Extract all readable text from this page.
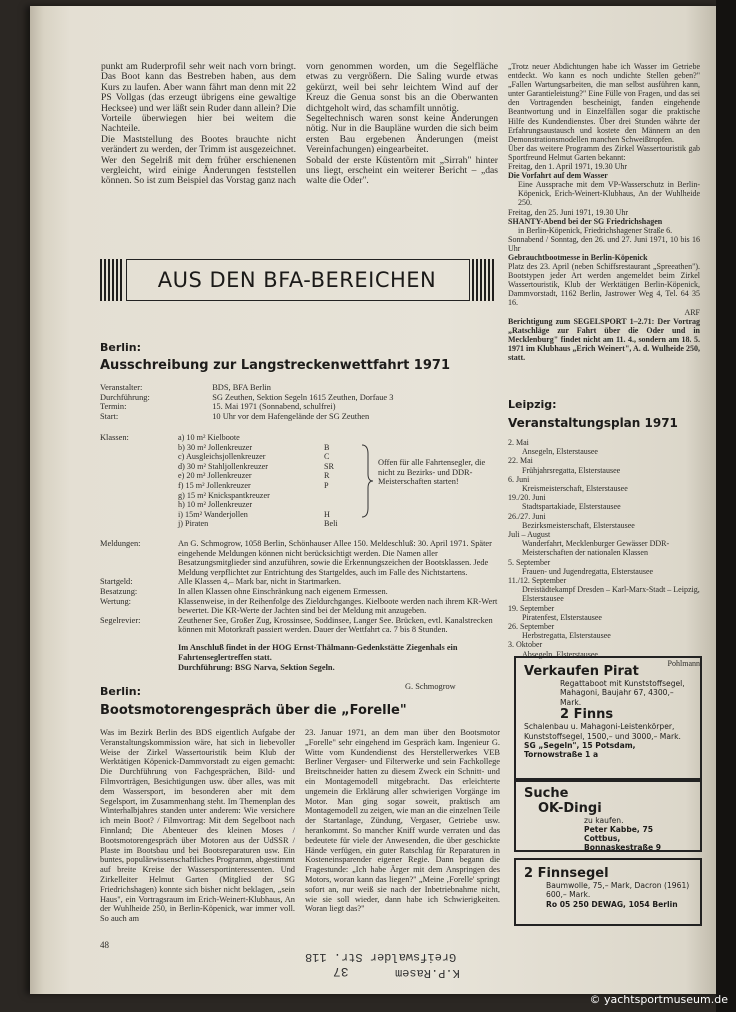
punkt am Ruderprofil sehr weit nach vorn bringt. Das Boot kann das Bestreben haben, aus dem Kurs zu laufen. Aber wann fährt man denn mit 22 PS Vollgas (das erzeugt übrigens eine gewaltige Hecksee) und wer läßt sein Ruder dann allein? Die Vorteile überwiegen hier bei weitem die Nachteile.

Die Maststellung des Bootes brauchte nicht verändert zu werden, der Trimm ist ausgezeichnet. Wer den Segelriß mit dem früher erschienenen vergleicht, wird einige Änderungen feststellen können. So ist zum Beispiel das Vorstag ganz nach

vorn genommen worden, um die Segelfläche etwas zu vergrößern. Die Saling wurde etwas gekürzt, weil bei sehr leichtem Wind auf der Kreuz die Genua sonst bis an die Oberwanten dichtgeholt wird, das schamfilt unnötig.

Segeltechnisch waren sonst keine Änderungen nötig. Nur in die Baupläne wurden die sich beim ersten Bau ergebenen Änderungen (meist Vereinfachungen) eingearbeitet.

Sobald der erste Küstentörn mit „Sirrah" hinter uns liegt, erscheint ein weiterer Bericht – „das walte die Oder".

AUS DEN BFA-BEREICHEN
Berlin:
Ausschreibung zur Langstreckenwettfahrt 1971
Veranstalter:	BDS, BFA Berlin
Durchführung:	SG Zeuthen, Sektion Segeln 1615 Zeuthen, Dorfaue 3
Termin:	15. Mai 1971 (Sonnabend, schulfrei)
Start:	10 Uhr vor dem Hafengelände der SG Zeuthen
Klassen:	a) 10 m² Kielboote	
b) 30 m² Jollenkreuzer	B
c) Ausgleichsjollenkreuzer	C
d) 30 m² Stahljollenkreuzer	SR
e) 20 m² Jollenkreuzer	R
f) 15 m² Jollenkreuzer	P
g) 15 m² Knickspantkreuzer	
h) 10 m² Jollenkreuzer	
i) 15m² Wanderjollen	H
j) Piraten	Beli
Offen für alle Fahrtensegler, die nicht zu Bezirks- und DDR-Meisterschaften starten!
Meldungen:	An G. Schmogrow, 1058 Berlin, Schönhauser Allee 150. Meldeschluß: 30. April 1971. Später eingehende Meldungen können nicht berücksichtigt werden. Die Namen aller Besatzungsmitglieder sind anzuführen, sowie die Erkennungszeichen der Bootsklassen. Jede Meldung verpflichtet zur Entrichtung des Startgeldes, auch im Falle des Nichtstartens.
Startgeld:	Alle Klassen 4,– Mark bar, nicht in Startmarken.
Besatzung:	In allen Klassen ohne Einschränkung nach eigenem Ermessen.
Wertung:	Klassenweise, in der Reihenfolge des Zieldurchganges. Kielboote werden nach ihrem KR-Wert bewertet. Die KR-Werte der Jachten sind bei der Meldung mit anzugeben.
Segelrevier:	Zeuthener See, Großer Zug, Krossinsee, Soddinsee, Langer See. Brücken, evtl. Kanalstrecken können mit Motorkraft passiert werden. Dauer der Wettfahrt ca. 7 bis 8 Stunden.
Im Anschluß findet in der HOG Ernst-Thälmann-Gedenkstätte Ziegenhals ein Fahrtenseglertreffen statt.
Durchführung: BSG Narva, Sektion Segeln.
G. Schmogrow
Berlin:
Bootsmotorengespräch über die „Forelle"
Was im Bezirk Berlin des BDS eigentlich Aufgabe der Veranstaltungskommission wäre, hat sich in liebevoller Weise der Zirkel Wassertouristik beim Klub der Werktätigen Köpenick-Dammvorstadt zu eigen gemacht: Die Durchführung von Fachgesprächen, Bild- und Filmvorträgen, Besichtigungen usw. über alles, was mit dem Wassersport, im besonderen aber mit dem Segelsport, im Zusammenhang steht. Im Themenplan des Winterhalbjahres standen unter anderem: Wie versichere ich mein Boot? / Filmvortrag: Mit dem Segelboot nach Finnland; Die Abenteuer des kleinen Moses / Bootsmotorengespräch über Motoren aus der UdSSR / Plaste im Bootsbau und bei Bootsreparaturen usw. Ein buntes, populärwissenschaftliches Programm, abgestimmt auf breite Kreise der Wassersportinteressenten. Und Zirkelleiter Helmut Garten (Mitglied der SG Friedrichshagen) konnte sich bisher nicht beklagen, „sein Haus", ein Vortragsraum im Erich-Weinert-Klubhaus, An der Wuhlheide 250, in Berlin-Köpenick, war immer voll. So auch am
23. Januar 1971, an dem man über den Bootsmotor „Forelle" sehr eingehend im Gespräch kam. Ingenieur G. Witte vom Kundendienst des Herstellerwerkes VEB Berliner Vergaser- und Filterwerke und sein Fachkollege Breitschneider hatten zu diesem Zweck ein Schnitt- und ein Montagemodell mitgebracht. Das erleichterte ungemein die Erklärung aller schwierigen Vorgänge im Motor. Man ging sogar soweit, praktisch am Montagemodell zu zeigen, wie man an die einzelnen Teile der Startanlage, Zündung, Vergaser, Getriebe usw. herankommt. So mancher Kniff wurde verraten und das bedeutete für viele der Anwesenden, die über geschickte Hände verfügen, ein guter Ratschlag für Reparaturen in Kosteneinsparender eigener Regie. Dann begann die Fragestunde: „Ich habe Ärger mit dem Anspringen des Motors, woran kann das liegen?" „Meine ‚Forelle' springt sofort an, nur weiß sie nach der Inbetriebnahme nicht, wie sie soll wieder, dann habe ich Schwierigkeiten. Woran liegt das?"

„Trotz neuer Abdichtungen habe ich Wasser im Getriebe entdeckt. Wo kann es noch undichte Stellen geben?" „Fallen Wartungsarbeiten, die man selbst ausführen kann, unter Garantieleistung?" Eine Fülle von Fragen, und das sei den Vortragenden bescheinigt, fanden eingehende Beantwortung und in Einzelfällen sogar die praktische Hilfe des Kundendienstes. Über drei Stunden währte der Erfahrungsaustausch und kostete den Männern an den Demonstrationsmodellen manchen Schweißtropfen.

Über das weitere Programm des Zirkel Wassertouristik gab Sportfreund Helmut Garten bekannt:

Freitag, den 1. April 1971, 19.30 Uhr

Die Vorfahrt auf dem Wasser

Eine Aussprache mit dem VP-Wasserschutz in Berlin-Köpenick, Erich-Weinert-Klubhaus, An der Wuhlheide 250.

Freitag, den 25. Juni 1971, 19.30 Uhr

SHANTY-Abend bei der SG Friedrichshagen

in Berlin-Köpenick, Friedrichshagener Straße 6.

Sonnabend / Sonntag, den 26. und 27. Juni 1971, 10 bis 16 Uhr

Gebrauchtbootmesse in Berlin-Köpenick

Platz des 23. April (neben Schiffsrestaurant „Spreeathen"). Bootstypen jeder Art werden angemeldet beim Zirkel Wassertouristik, Klub der Werktätigen Berlin-Köpenick, Dammvorstadt, 1162 Berlin, Jastrower Weg 4, Tel. 64 35 16.

ARF

Berichtigung zum SEGELSPORT 1–2.71: Der Vortrag „Ratschläge zur Fahrt über die Oder und in Mecklenburg" findet nicht am 11. 4., sondern am 18. 5. 1971 im Klubhaus „Erich Weinert", A. d. Wulheide 250, statt.

Leipzig:
Veranstaltungsplan 1971

2. Mai

Ansegeln, Elsterstausee

22. Mai

Frühjahrsregatta, Elsterstausee

6. Juni

Kreismeisterschaft, Elsterstausee

19./20. Juni

Stadtspartakiade, Elsterstausee

26./27. Juni

Bezirksmeisterschaft, Elsterstausee

Juli – August

Wanderfahrt, Mecklenburger Gewässer DDR-Meisterschaften der nationalen Klassen

5. September

Frauen- und Jugendregatta, Elsterstausee

11./12. September

Dreistädtekampf Dresden – Karl-Marx-Stadt – Leipzig, Elsterstausee

19. September

Piratenfest, Elsterstausee

26. September

Herbstregatta, Elsterstausee

3. Oktober

Absegeln, Elsterstausee

Pohlmann

Verkaufen Pirat
Regattaboot mit Kunststoffsegel, Mahagoni, Baujahr 67, 4300,– Mark.
2 Finns
Schalenbau u. Mahagoni-Leistenkörper, Kunststoffsegel, 1500,– und 3000,– Mark.
SG „Segeln", 15 Potsdam, Tornowstraße 1 a
Suche
OK-Dingi
zu kaufen.
Peter Kabbe, 75 Cottbus, Bonnaskestraße 9
2 Finnsegel
Baumwolle, 75,– Mark, Dacron (1961) 600,– Mark.
Ro 05 250 DEWAG, 1054 Berlin
48
Greifswalder Str. 118
K.P.Rasem
37
© yachtsportmuseum.de
